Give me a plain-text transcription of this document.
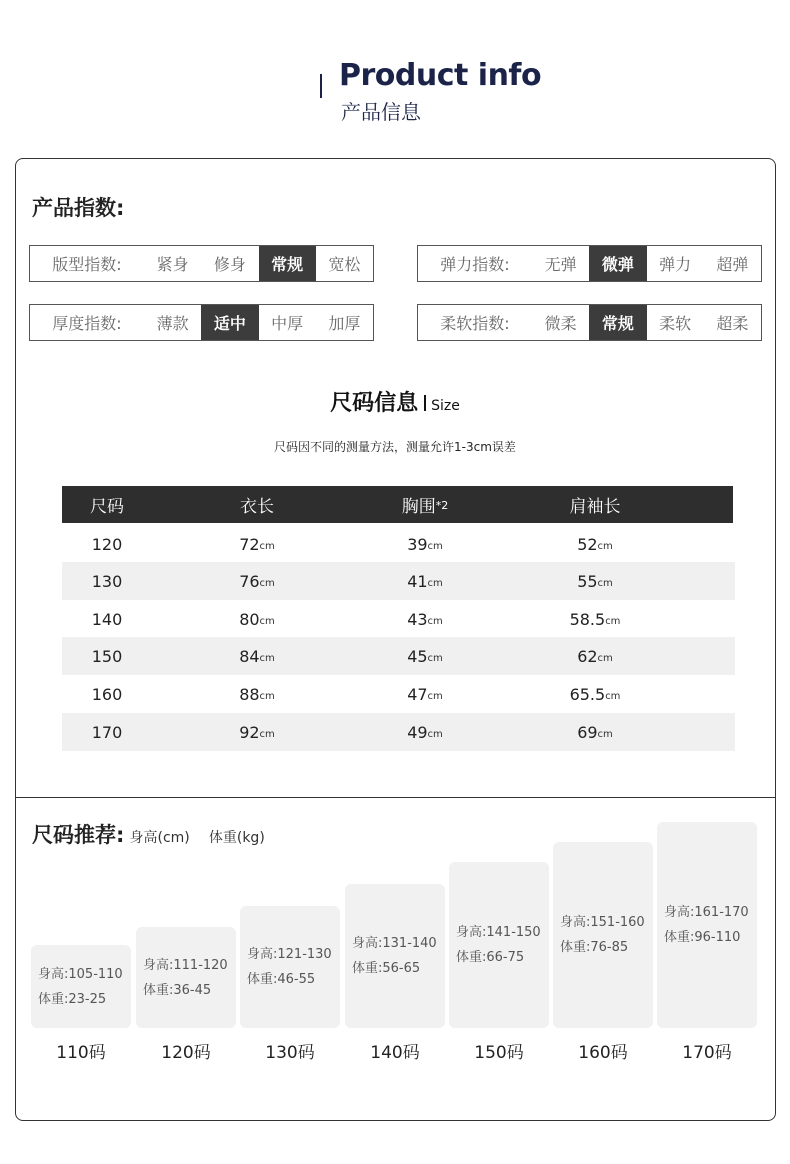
Product info
产品信息
产品指数:
版型指数:	紧身	修身	常规	宽松	弹力指数:	无弹	微弹	弹力	超弹
厚度指数:	薄款	适中	中厚	加厚	柔软指数:	微柔	常规	柔软	超柔
尺码信息 Size
尺码因不同的测量方法，测量允许1-3cm误差
尺码	衣长	胸围 *2	肩袖长
120	72 cm	39 cm	52 cm
130	76 cm	41 cm	55 cm
140	80 cm	43 cm	58.5 cm
150	84 cm	45 cm	62 cm
160	88 cm	47 cm	65.5 cm
170	92 cm	49 cm	69 cm
尺码推荐: 身高(cm) 体重(kg)
身高:105-110
体重:23-25
110码
身高:111-120
体重:36-45
120码
身高:121-130
体重:46-55
130码
身高:131-140
体重:56-65
140码
身高:141-150
体重:66-75
150码
身高:151-160
体重:76-85
160码
身高:161-170
体重:96-110
170码
